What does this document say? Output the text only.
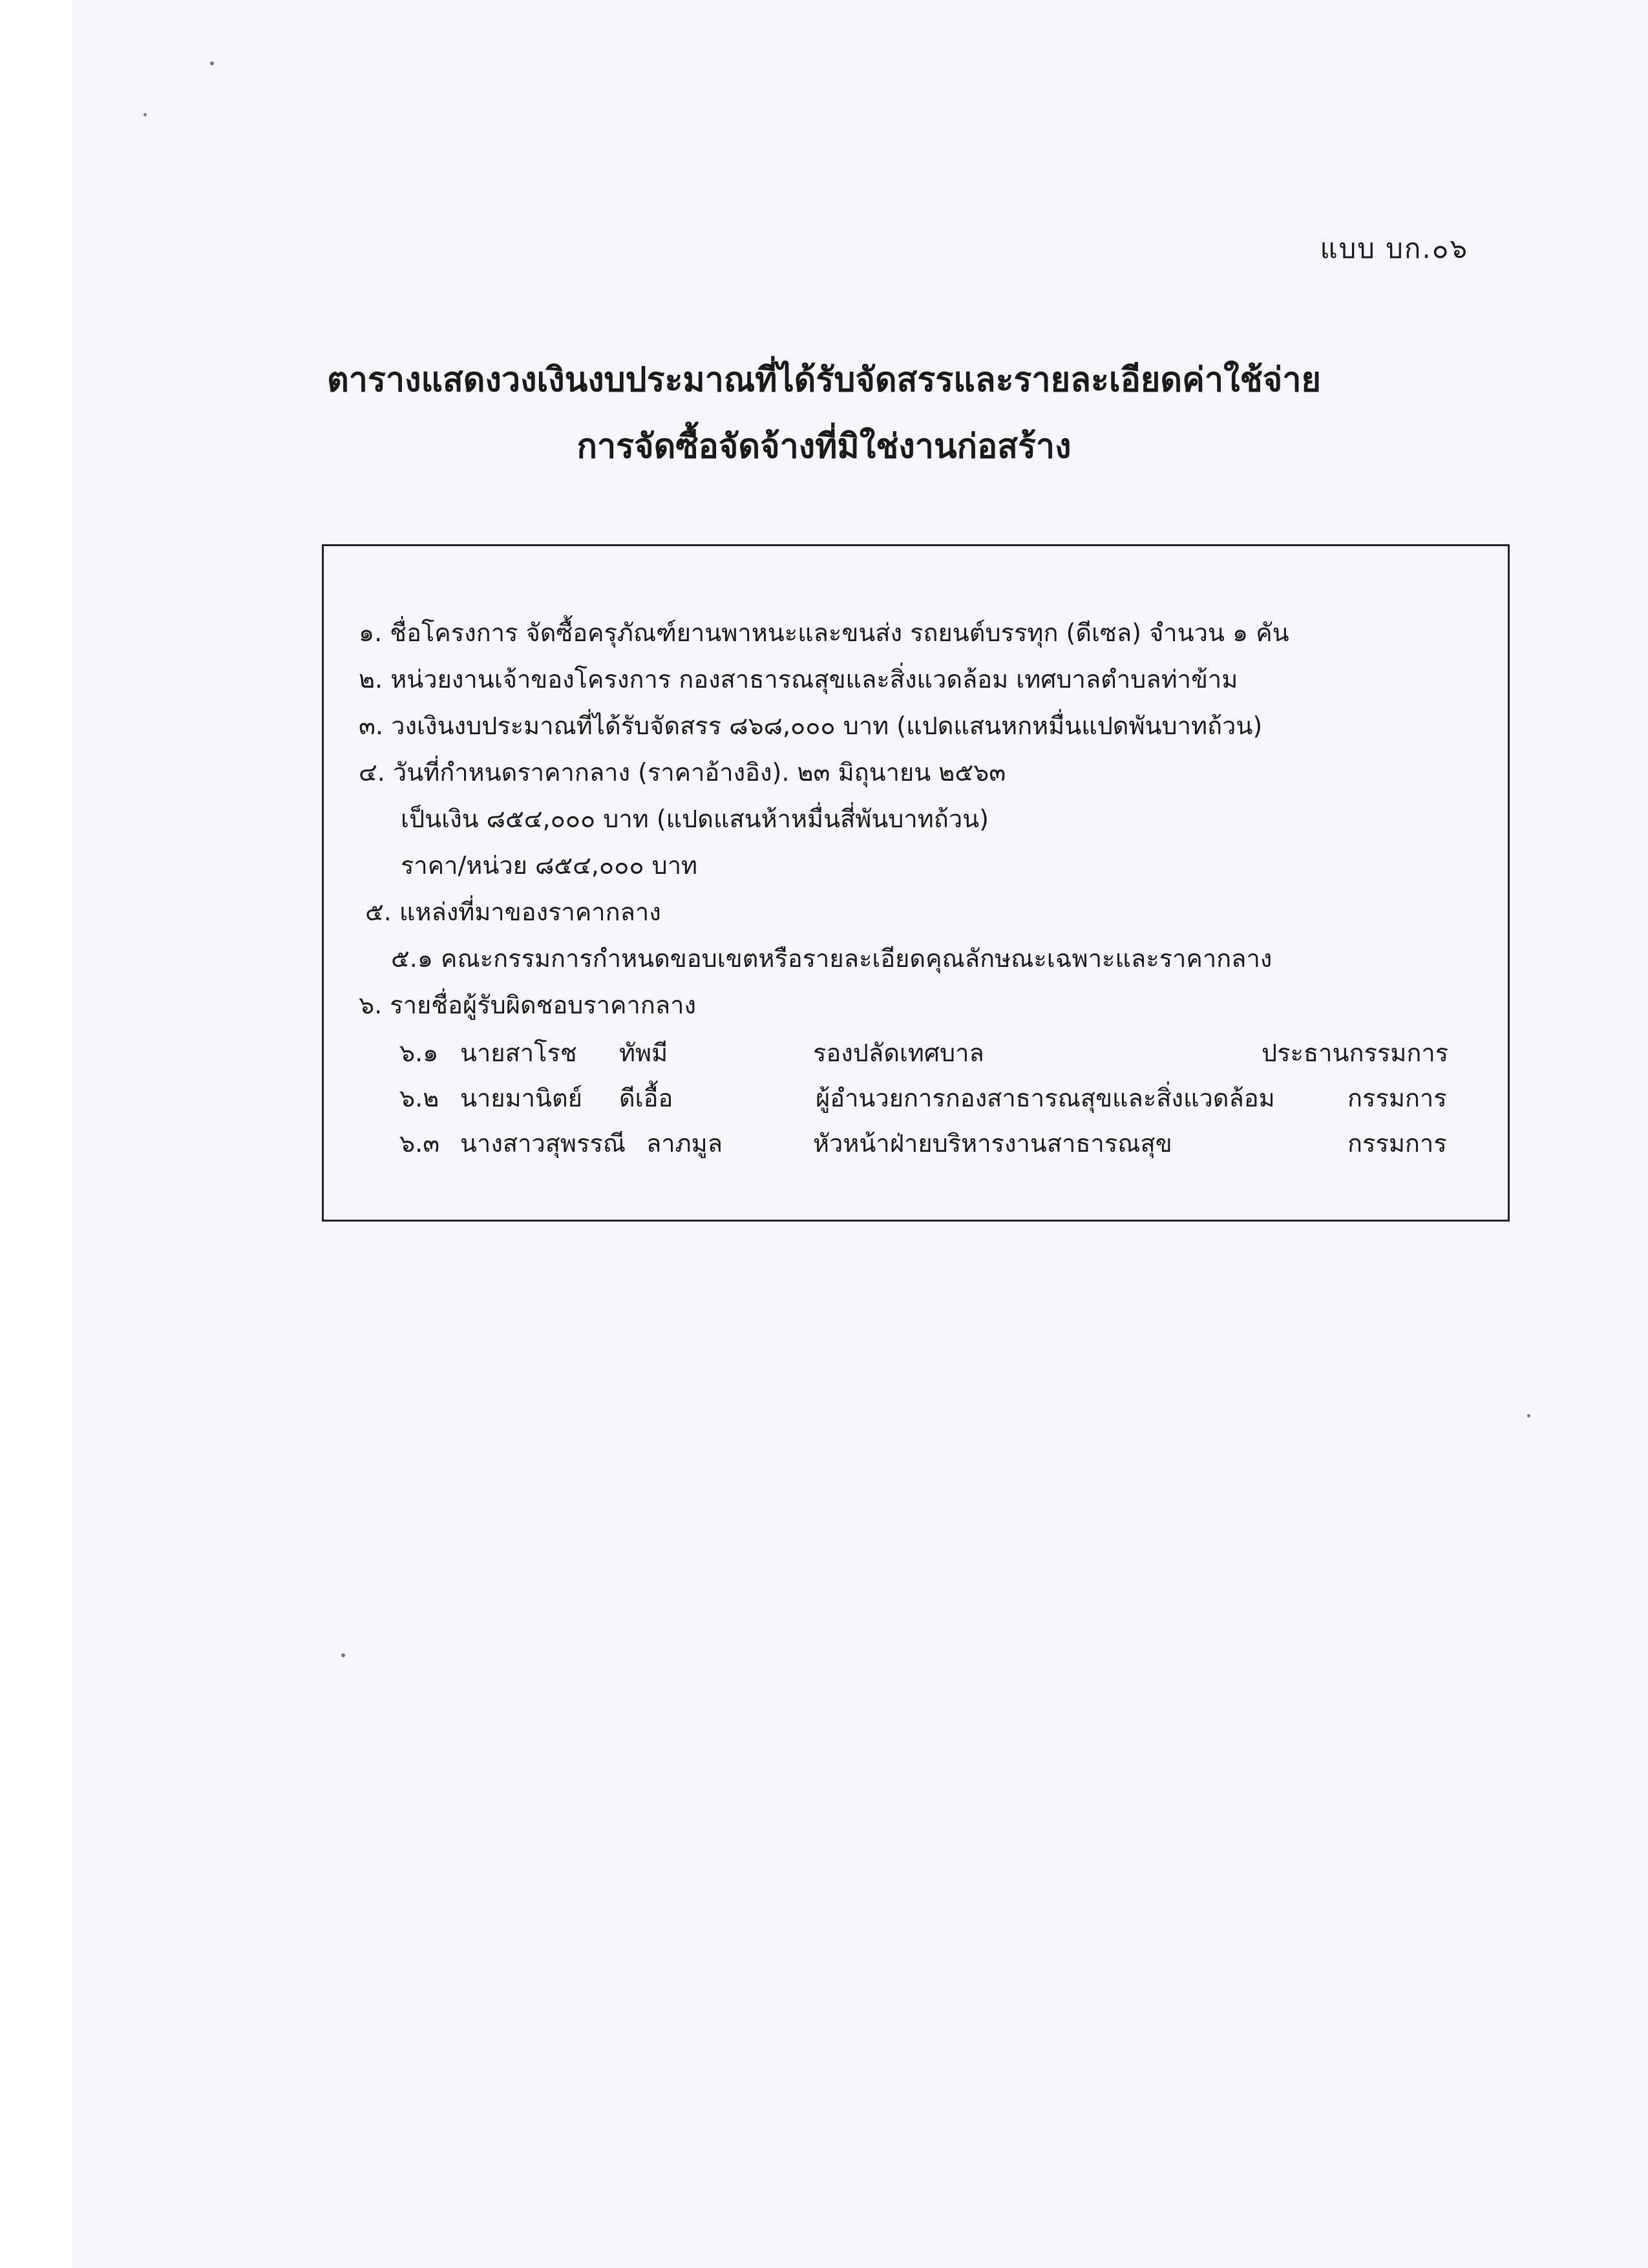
แบบ บก.๐๖
ตารางแสดงวงเงินงบประมาณที่ได้รับจัดสรรและรายละเอียดค่าใช้จ่าย
การจัดซื้อจัดจ้างที่มิใช่งานก่อสร้าง
๑. ชื่อโครงการ จัดซื้อครุภัณฑ์ยานพาหนะและขนส่ง รถยนต์บรรทุก (ดีเซล) จำนวน ๑ คัน
๒. หน่วยงานเจ้าของโครงการ กองสาธารณสุขและสิ่งแวดล้อม เทศบาลตำบลท่าข้าม
๓. วงเงินงบประมาณที่ได้รับจัดสรร ๘๖๘,๐๐๐ บาท (แปดแสนหกหมื่นแปดพันบาทถ้วน)
๔. วันที่กำหนดราคากลาง (ราคาอ้างอิง). ๒๓ มิถุนายน ๒๕๖๓
เป็นเงิน ๘๕๔,๐๐๐ บาท (แปดแสนห้าหมื่นสี่พันบาทถ้วน)
ราคา/หน่วย ๘๕๔,๐๐๐ บาท
๕. แหล่งที่มาของราคากลาง
๕.๑ คณะกรรมการกำหนดขอบเขตหรือรายละเอียดคุณลักษณะเฉพาะและราคากลาง
๖. รายชื่อผู้รับผิดชอบราคากลาง
๖.๑ นายสาโรช ทัพมี	รองปลัดเทศบาล	ประธานกรรมการ
๖.๒ นายมานิตย์ ดีเอื้อ	ผู้อำนวยการกองสาธารณสุขและสิ่งแวดล้อม	กรรมการ
๖.๓ นางสาวสุพรรณี ลาภมูล	หัวหน้าฝ่ายบริหารงานสาธารณสุข	กรรมการ
